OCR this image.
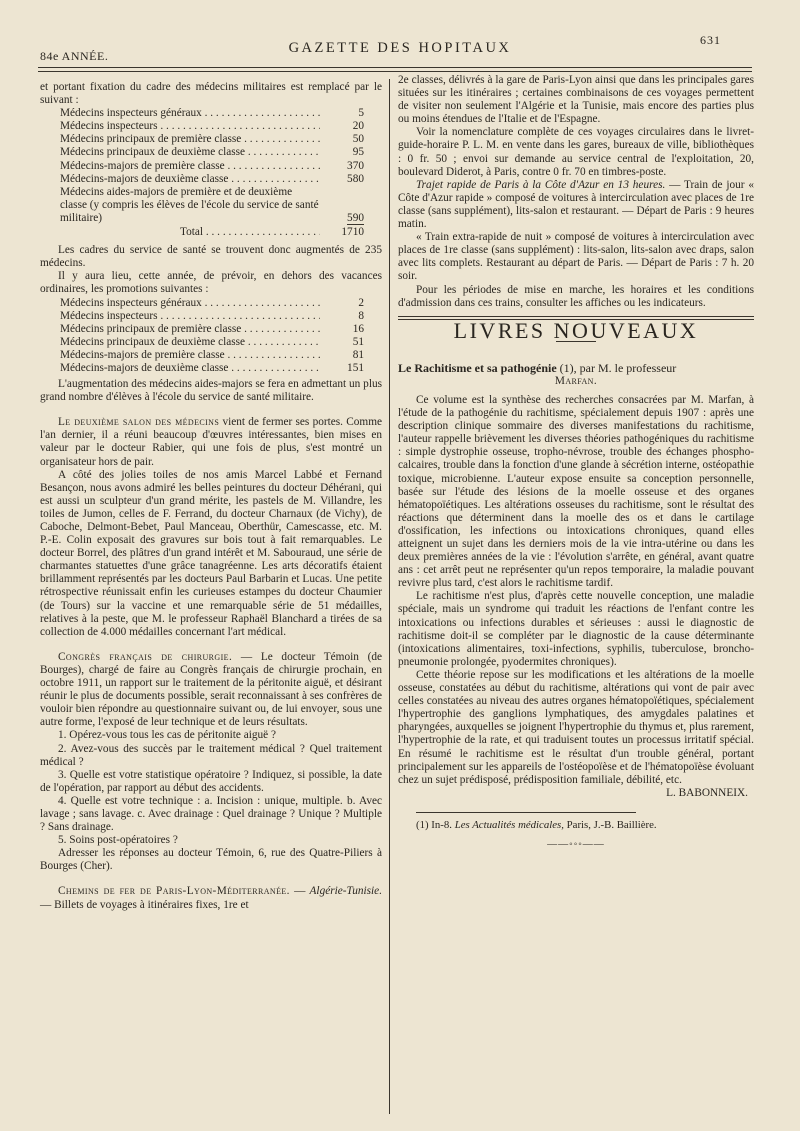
84e ANNÉE.	GAZETTE DES HOPITAUX	631

et portant fixation du cadre des médecins militaires est remplacé par le suivant :

Médecins inspecteurs généraux . . .	5
Médecins inspecteurs . . .	20
Médecins principaux de première classe . . .	50
Médecins principaux de deuxième classe . . .	95
Médecins-majors de première classe . . .	370
Médecins-majors de deuxième classe . . .	580
Médecins aides-majors de première et de deuxième classe (y compris les élèves de l'école du service de santé militaire)	590
Total . . .	1710

Les cadres du service de santé se trouvent donc augmentés de 235 médecins.

Il y aura lieu, cette année, de prévoir, en dehors des vacances ordinaires, les promotions suivantes :

Médecins inspecteurs généraux . . .	2
Médecins inspecteurs . . .	8
Médecins principaux de première classe . . .	16
Médecins principaux de deuxième classe . . .	51
Médecins-majors de première classe . . .	81
Médecins-majors de deuxième classe . . .	151

L'augmentation des médecins aides-majors se fera en admettant un plus grand nombre d'élèves à l'école du service de santé militaire.

Le deuxième salon des médecins vient de fermer ses portes. Comme l'an dernier, il a réuni beaucoup d'œuvres intéressantes, bien mises en valeur par le docteur Rabier, qui une fois de plus, s'est montré un organisateur hors de pair.

A côté des jolies toiles de nos amis Marcel Labbé et Fernand Besançon, nous avons admiré les belles peintures du docteur Déhérani, qui est aussi un sculpteur d'un grand mérite, les pastels de M. Villandre, les toiles de Jumon, celles de F. Ferrand, du docteur Charnaux (de Vichy), de Caboche, Delmont-Bebet, Paul Manceau, Oberthür, Camescasse, etc. M. P.-E. Colin exposait des gravures sur bois tout à fait remarquables. Le docteur Borrel, des plâtres d'un grand intérêt et M. Sabouraud, une série de charmantes statuettes d'une grâce tanagréenne. Les arts décoratifs étaient brillamment représentés par les docteurs Paul Barbarin et Lucas. Une petite rétrospective réunissait enfin les curieuses estampes du docteur Chaumier (de Tours) sur la vaccine et une remarquable série de 51 médailles, relatives à la peste, que M. le professeur Raphaël Blanchard a tirées de sa collection de 4.000 médailles concernant l'art médical.

Congrès français de chirurgie. — Le docteur Témoin (de Bourges), chargé de faire au Congrès français de chirurgie prochain, en octobre 1911, un rapport sur le traitement de la péritonite aiguë, et désirant réunir le plus de documents possible, serait reconnaissant à ses confrères de vouloir bien répondre au questionnaire suivant ou, de lui envoyer, sous une autre forme, l'exposé de leur technique et de leurs résultats.

1. Opérez-vous tous les cas de péritonite aiguë ?
2. Avez-vous des succès par le traitement médical ? Quel traitement médical ?
3. Quelle est votre statistique opératoire ? Indiquez, si possible, la date de l'opération, par rapport au début des accidents.
4. Quelle est votre technique : a. Incision : unique, multiple. b. Avec lavage ; sans lavage. c. Avec drainage : Quel drainage ? Unique ? Multiple ? Sans drainage.
5. Soins post-opératoires ?

Adresser les réponses au docteur Témoin, 6, rue des Quatre-Piliers à Bourges (Cher).

Chemins de fer de Paris-Lyon-Méditerranée. — Algérie-Tunisie. — Billets de voyages à itinéraires fixes, 1re et

2e classes, délivrés à la gare de Paris-Lyon ainsi que dans les principales gares situées sur les itinéraires ; certaines combinaisons de ces voyages permettent de visiter non seulement l'Algérie et la Tunisie, mais encore des parties plus ou moins étendues de l'Italie et de l'Espagne.

Voir la nomenclature complète de ces voyages circulaires dans le livret-guide-horaire P. L. M. en vente dans les gares, bureaux de ville, bibliothèques : 0 fr. 50 ; envoi sur demande au service central de l'exploitation, 20, boulevard Diderot, à Paris, contre 0 fr. 70 en timbres-poste.

Trajet rapide de Paris à la Côte d'Azur en 13 heures. — Train de jour « Côte d'Azur rapide » composé de voitures à intercirculation avec places de 1re classe (sans supplément), lits-salon et restaurant. — Départ de Paris : 9 heures matin.

« Train extra-rapide de nuit » composé de voitures à intercirculation avec places de 1re classe (sans supplément) : lits-salon, lits-salon avec draps, salon avec lits complets. Restaurant au départ de Paris. — Départ de Paris : 7 h. 20 soir.

Pour les périodes de mise en marche, les horaires et les conditions d'admission dans ces trains, consulter les affiches ou les indicateurs.

LIVRES NOUVEAUX

Le Rachitisme et sa pathogénie (1), par M. le professeur

Marfan.

Ce volume est la synthèse des recherches consacrées par M. Marfan, à l'étude de la pathogénie du rachitisme, spécialement depuis 1907 : après une description clinique sommaire des diverses manifestations du rachitisme, l'auteur rappelle brièvement les diverses théories pathogéniques du rachitisme : simple dystrophie osseuse, tropho-névrose, trouble des échanges phospho-calcaires, trouble dans la fonction d'une glande à sécrétion interne, ostéopathie toxique, microbienne. L'auteur expose ensuite sa conception personnelle, basée sur l'étude des lésions de la moelle osseuse et des organes hématopoïétiques. Les altérations osseuses du rachitisme, sont le résultat des réactions que déterminent dans la moelle des os et dans le cartilage d'ossification, les infections ou intoxications chroniques, quand elles atteignent un sujet dans les derniers mois de la vie intra-utérine ou dans les deux premières années de la vie : l'évolution s'arrête, en général, avant quatre ans : cet arrêt peut ne représenter qu'un repos temporaire, la maladie pouvant revivre plus tard, c'est alors le rachitisme tardif.

Le rachitisme n'est plus, d'après cette nouvelle conception, une maladie spéciale, mais un syndrome qui traduit les réactions de l'enfant contre les intoxications ou infections durables et sérieuses : aussi le diagnostic de rachitisme doit-il se compléter par le diagnostic de la cause déterminante (intoxications alimentaires, toxi-infections, syphilis, tuberculose, broncho-pneumonie prolongée, pyodermites chroniques).

Cette théorie repose sur les modifications et les altérations de la moelle osseuse, constatées au début du rachitisme, altérations qui vont de pair avec celles constatées au niveau des autres organes hématopoïétiques, spécialement l'hypertrophie des ganglions lymphatiques, des amygdales palatines et pharyngées, auxquelles se joignent l'hypertrophie du thymus et, plus rarement, l'hypertrophie de la rate, et qui traduisent toutes un processus irritatif spécial. En résumé le rachitisme est le résultat d'un trouble général, portant principalement sur les appareils de l'ostéopoïèse et de l'hématopoïèse évoluant chez un sujet prédisposé, prédisposition familiale, débilité, etc.

L. BABONNEIX.

(1) In-8. Les Actualités médicales, Paris, J.-B. Baillière.

——◦◦◦——
